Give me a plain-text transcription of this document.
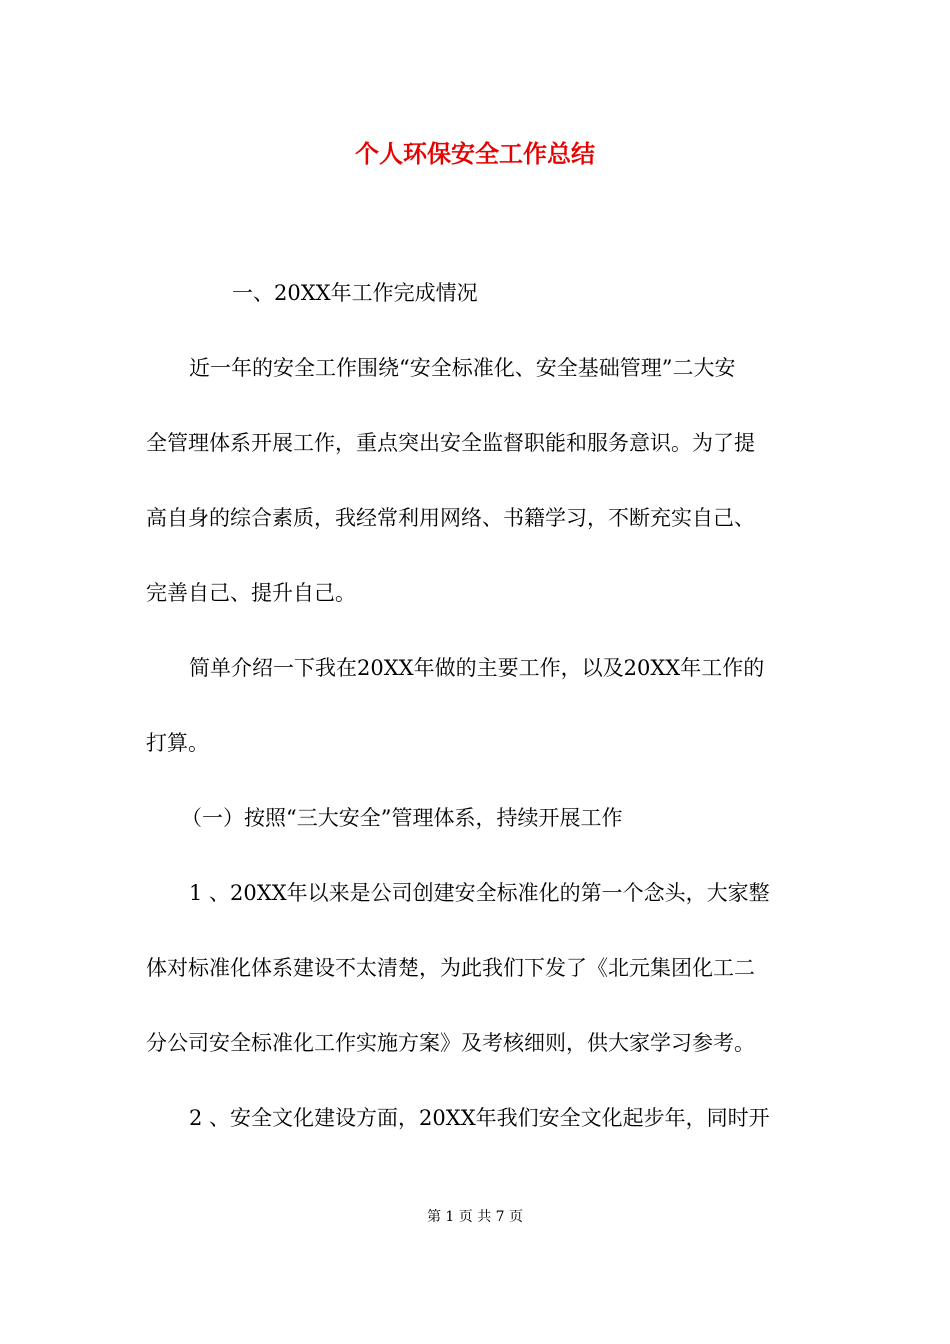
个人环保安全工作总结
一、20XX年工作完成情况
近一年的安全工作围绕“安全标准化、安全基础管理”二大安
全管理体系开展工作，重点突出安全监督职能和服务意识。为了提
高自身的综合素质，我经常利用网络、书籍学习，不断充实自己、
完善自己、提升自己。
简单介绍一下我在20XX年做的主要工作，以及20XX年工作的
打算。
（一）按照“三大安全”管理体系，持续开展工作
1 、20XX年以来是公司创建安全标准化的第一个念头，大家整
体对标准化体系建设不太清楚，为此我们下发了《北元集团化工二
分公司安全标准化工作实施方案》及考核细则，供大家学习参考。
2 、安全文化建设方面，20XX年我们安全文化起步年，同时开
第 1 页 共 7 页
